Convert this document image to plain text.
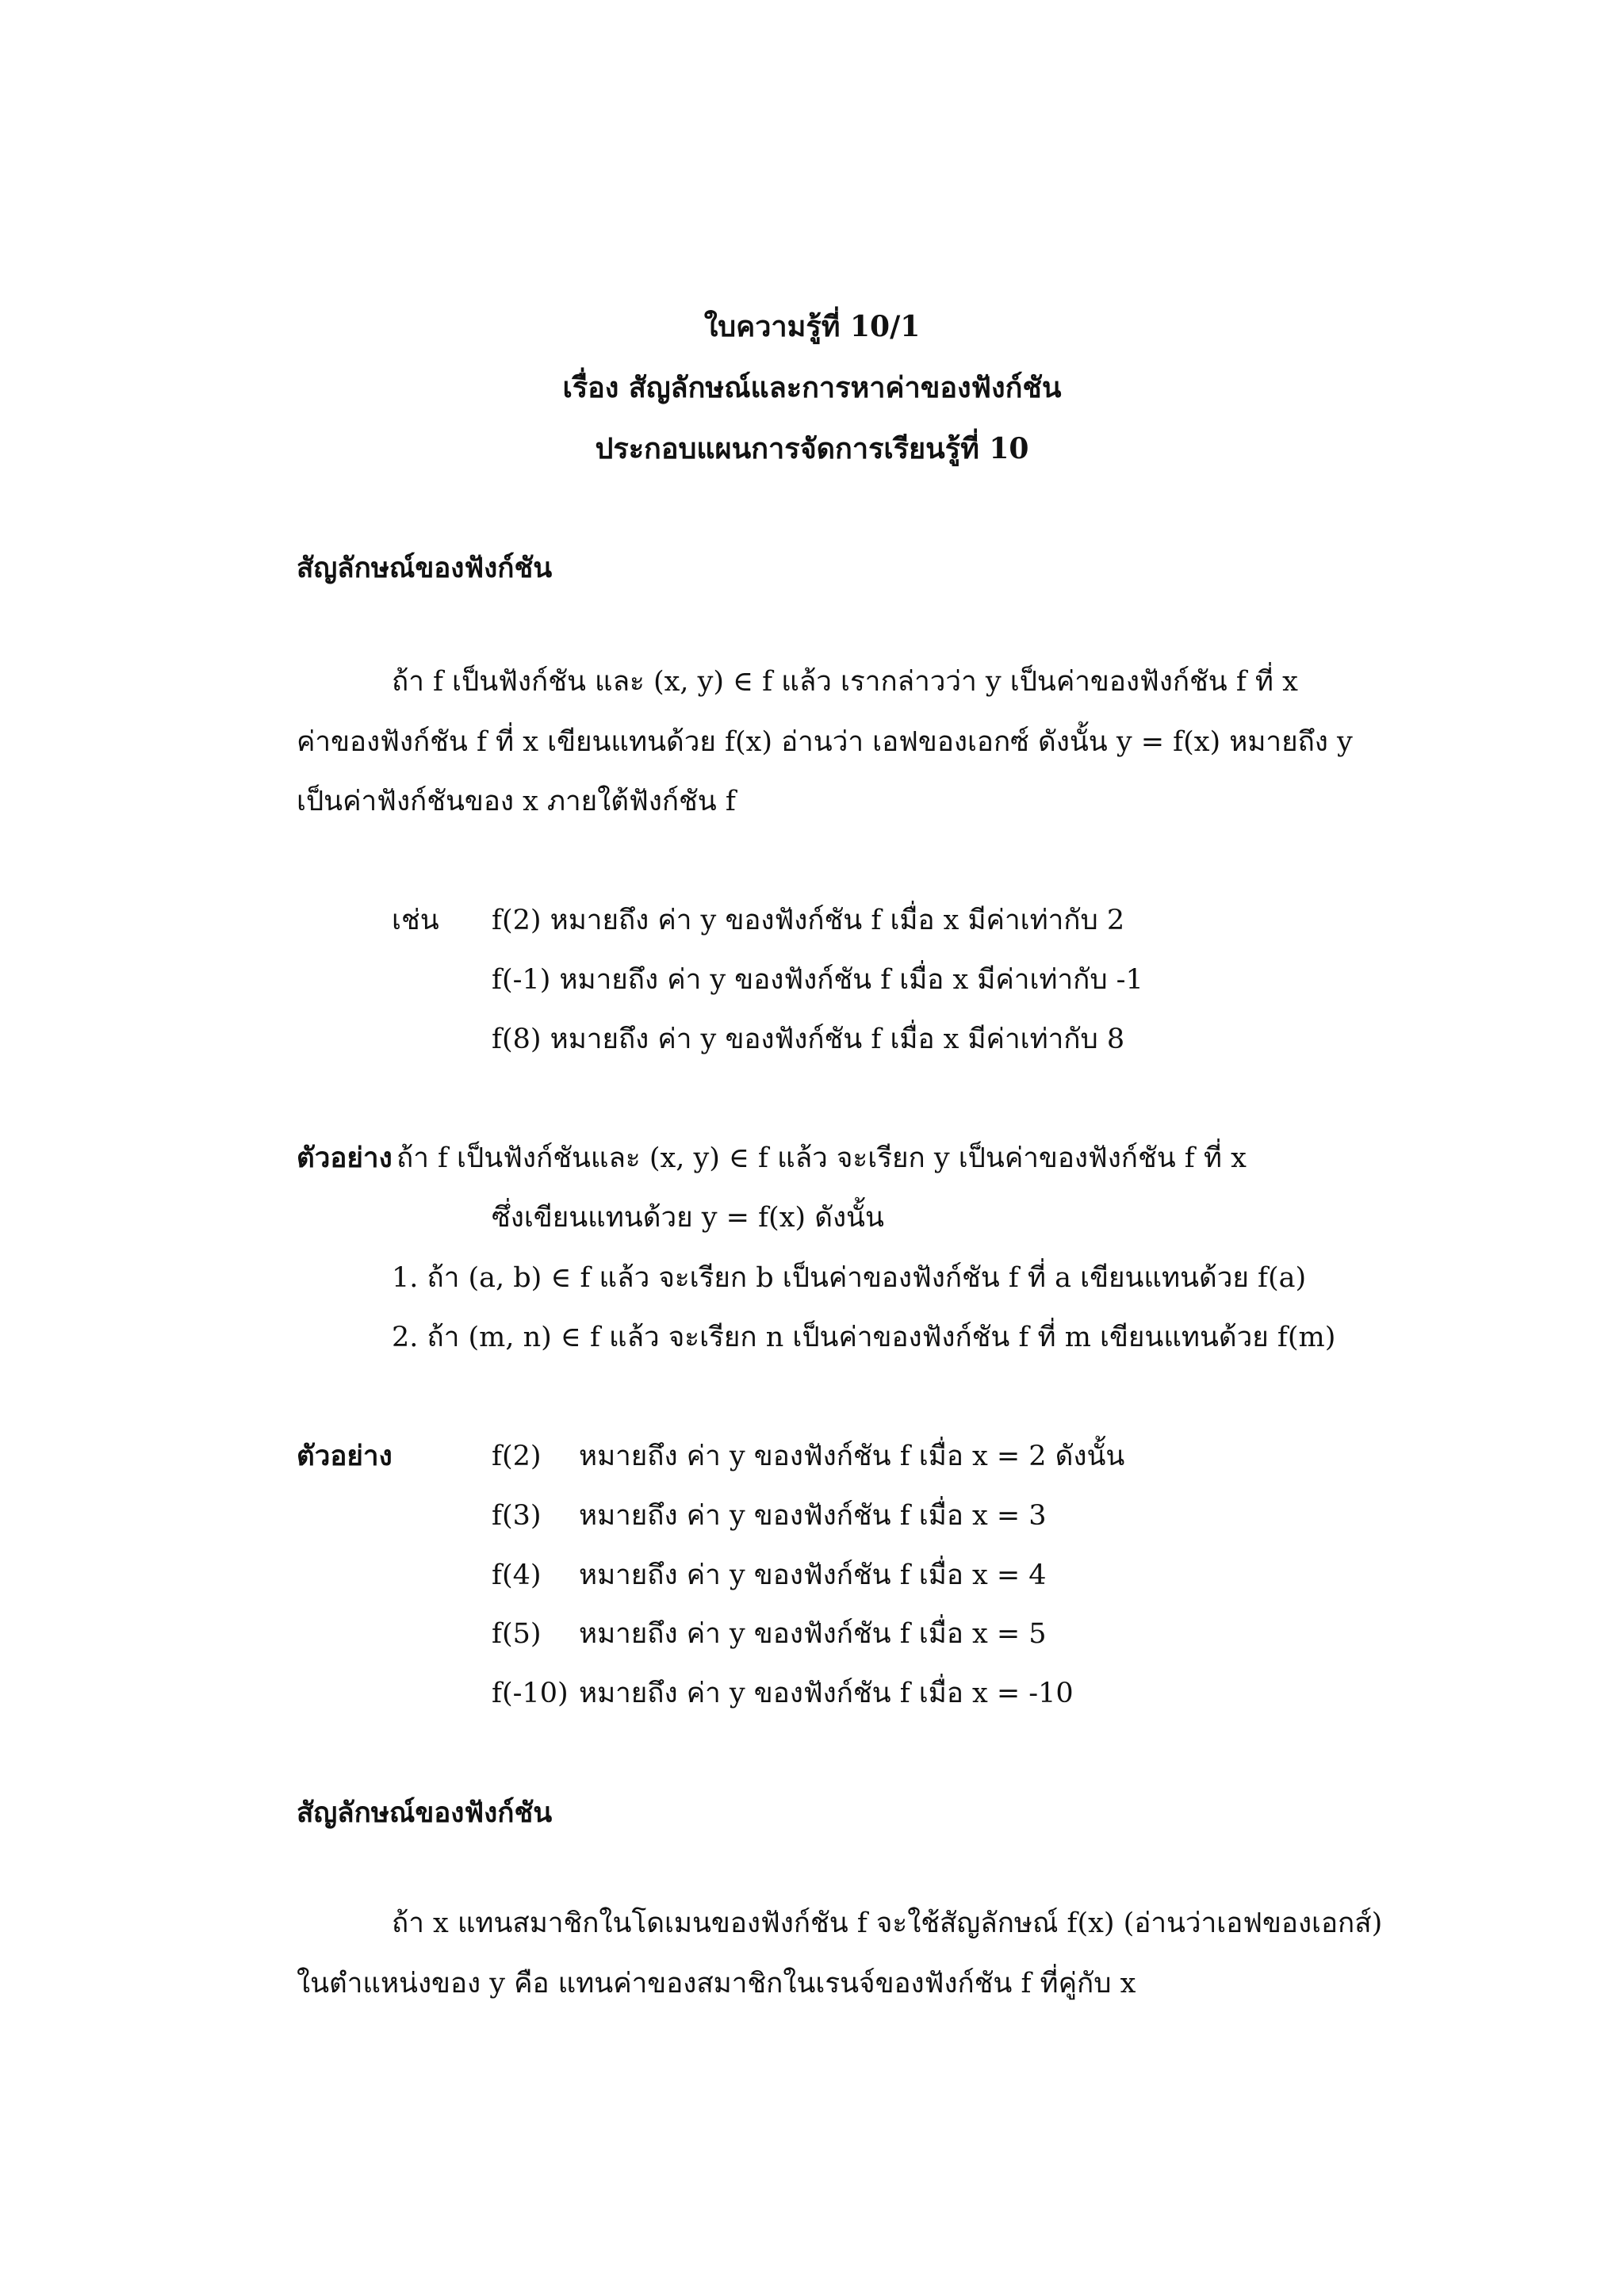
ใบความรู้ที่ 10/1
เรื่อง สัญลักษณ์และการหาค่าของฟังก์ชัน
ประกอบแผนการจัดการเรียนรู้ที่ 10
สัญลักษณ์ของฟังก์ชัน
ถ้า f เป็นฟังก์ชัน และ (x, y) ∈ f แล้ว เรากล่าวว่า y เป็นค่าของฟังก์ชัน f ที่ x
ค่าของฟังก์ชัน f ที่ x เขียนแทนด้วย f(x) อ่านว่า เอฟของเอกซ์ ดังนั้น y = f(x) หมายถึง y
เป็นค่าฟังก์ชันของ x ภายใต้ฟังก์ชัน f
เช่น f(2) หมายถึง ค่า y ของฟังก์ชัน f เมื่อ x มีค่าเท่ากับ 2
f(-1) หมายถึง ค่า y ของฟังก์ชัน f เมื่อ x มีค่าเท่ากับ -1
f(8) หมายถึง ค่า y ของฟังก์ชัน f เมื่อ x มีค่าเท่ากับ 8
ตัวอย่าง ถ้า f เป็นฟังก์ชันและ (x, y) ∈ f แล้ว จะเรียก y เป็นค่าของฟังก์ชัน f ที่ x
ซึ่งเขียนแทนด้วย y = f(x) ดังนั้น
1. ถ้า (a, b) ∈ f แล้ว จะเรียก b เป็นค่าของฟังก์ชัน f ที่ a เขียนแทนด้วย f(a)
2. ถ้า (m, n) ∈ f แล้ว จะเรียก n เป็นค่าของฟังก์ชัน f ที่ m เขียนแทนด้วย f(m)
ตัวอย่าง	f(2) หมายถึง ค่า y ของฟังก์ชัน f เมื่อ x = 2 ดังนั้น
f(3) หมายถึง ค่า y ของฟังก์ชัน f เมื่อ x = 3
f(4) หมายถึง ค่า y ของฟังก์ชัน f เมื่อ x = 4
f(5) หมายถึง ค่า y ของฟังก์ชัน f เมื่อ x = 5
f(-10) หมายถึง ค่า y ของฟังก์ชัน f เมื่อ x = -10
สัญลักษณ์ของฟังก์ชัน
ถ้า x แทนสมาชิกในโดเมนของฟังก์ชัน f จะใช้สัญลักษณ์ f(x) (อ่านว่าเอฟของเอกส์)
ในตำแหน่งของ y คือ แทนค่าของสมาชิกในเรนจ์ของฟังก์ชัน f ที่คู่กับ x
